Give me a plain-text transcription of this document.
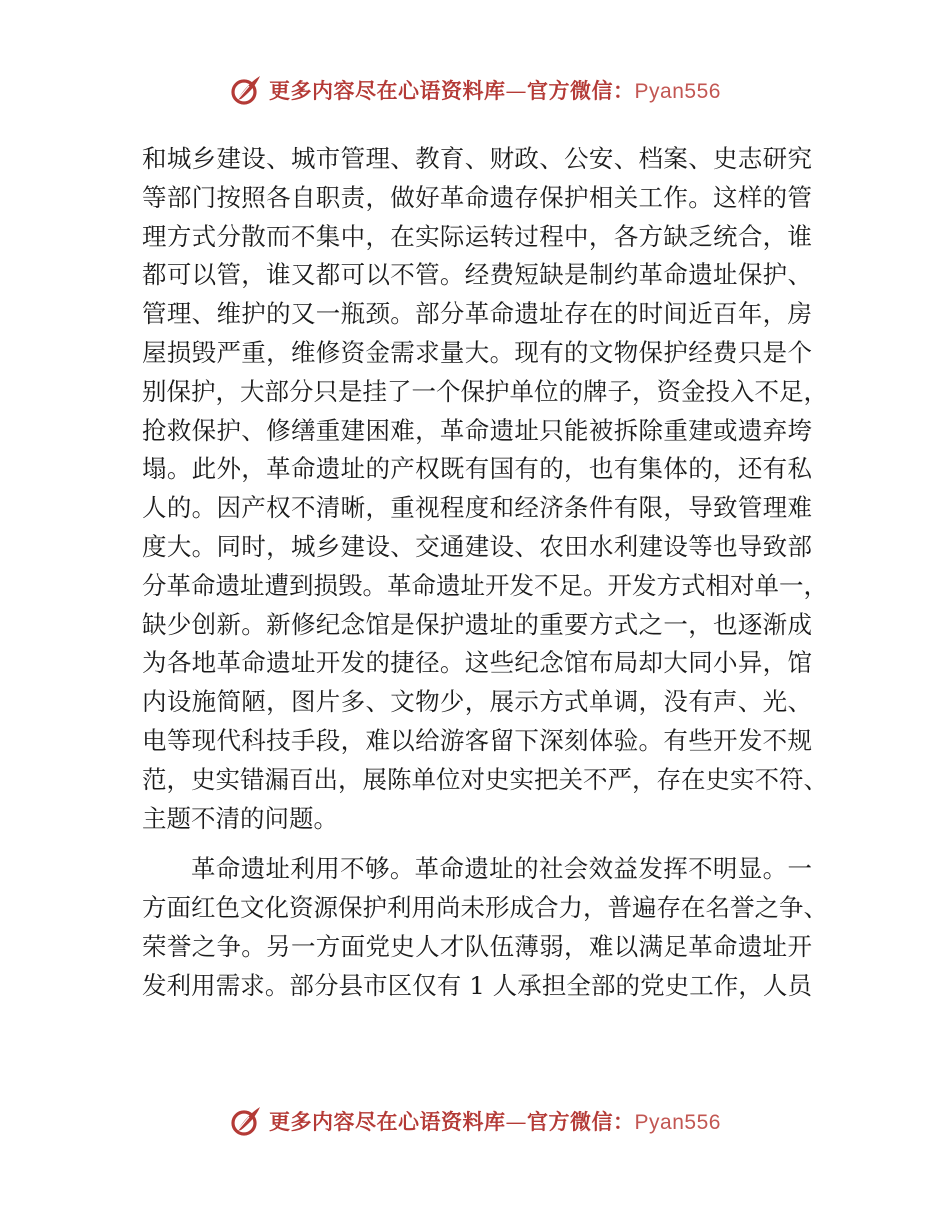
更多内容尽在心语资料库—官方微信：Pyan556
和城乡建设、城市管理、教育、财政、公安、档案、史志研究
等部门按照各自职责，做好革命遗存保护相关工作。这样的管
理方式分散而不集中，在实际运转过程中，各方缺乏统合，谁
都可以管，谁又都可以不管。经费短缺是制约革命遗址保护、
管理、维护的又一瓶颈。部分革命遗址存在的时间近百年，房
屋损毁严重，维修资金需求量大。现有的文物保护经费只是个
别保护，大部分只是挂了一个保护单位的牌子，资金投入不足，
抢救保护、修缮重建困难，革命遗址只能被拆除重建或遗弃垮
塌。此外，革命遗址的产权既有国有的，也有集体的，还有私
人的。因产权不清晰，重视程度和经济条件有限，导致管理难
度大。同时，城乡建设、交通建设、农田水利建设等也导致部
分革命遗址遭到损毁。革命遗址开发不足。开发方式相对单一，
缺少创新。新修纪念馆是保护遗址的重要方式之一，也逐渐成
为各地革命遗址开发的捷径。这些纪念馆布局却大同小异，馆
内设施简陋，图片多、文物少，展示方式单调，没有声、光、
电等现代科技手段，难以给游客留下深刻体验。有些开发不规
范，史实错漏百出，展陈单位对史实把关不严，存在史实不符、
主题不清的问题。
革命遗址利用不够。革命遗址的社会效益发挥不明显。一
方面红色文化资源保护利用尚未形成合力，普遍存在名誉之争、
荣誉之争。另一方面党史人才队伍薄弱，难以满足革命遗址开
发利用需求。部分县市区仅有 1 人承担全部的党史工作，人员
更多内容尽在心语资料库—官方微信：Pyan556
